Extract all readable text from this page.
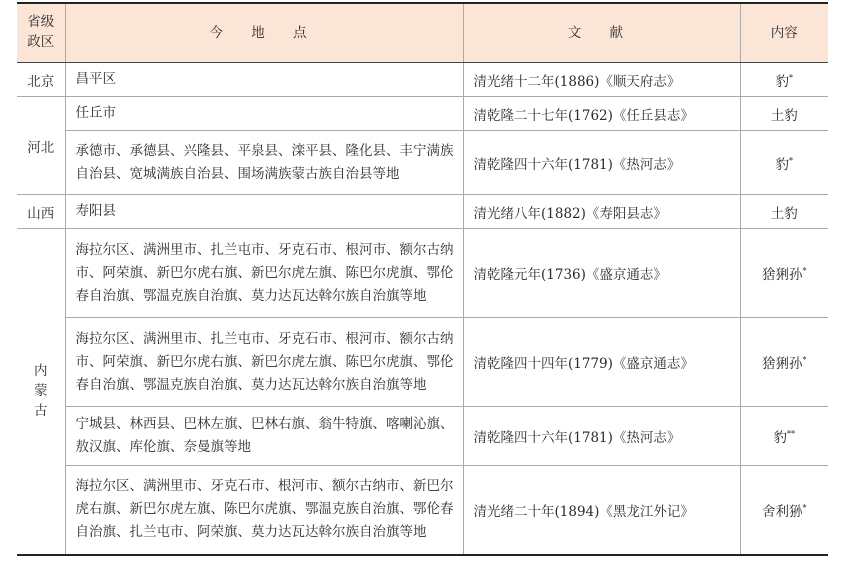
省级政区	今 地 点	文 献	内容
北京	昌平区	清光绪十二年(1886)《顺天府志》	豹*
河北	任丘市	清乾隆二十七年(1762)《任丘县志》	土豹
	承德市、承德县、兴隆县、平泉县、滦平县、隆化县、丰宁满族自治县、宽城满族自治县、围场满族蒙古族自治县等地	清乾隆四十六年(1781)《热河志》	豹*
山西	寿阳县	清光绪八年(1882)《寿阳县志》	土豹
内蒙古	海拉尔区、满洲里市、扎兰屯市、牙克石市、根河市、额尔古纳市、阿荣旗、新巴尔虎右旗、新巴尔虎左旗、陈巴尔虎旗、鄂伦春自治旗、鄂温克族自治旗、莫力达瓦达斡尔族自治旗等地	清乾隆元年(1736)《盛京通志》	猞猁孙*
	海拉尔区、满洲里市、扎兰屯市、牙克石市、根河市、额尔古纳市、阿荣旗、新巴尔虎右旗、新巴尔虎左旗、陈巴尔虎旗、鄂伦春自治旗、鄂温克族自治旗、莫力达瓦达斡尔族自治旗等地	清乾隆四十四年(1779)《盛京通志》	猞猁孙*
	宁城县、林西县、巴林左旗、巴林右旗、翁牛特旗、喀喇沁旗、敖汉旗、库伦旗、奈曼旗等地	清乾隆四十六年(1781)《热河志》	豹**
	海拉尔区、满洲里市、牙克石市、根河市、额尔古纳市、新巴尔虎右旗、新巴尔虎左旗、陈巴尔虎旗、鄂温克族自治旗、鄂伦春自治旗、扎兰屯市、阿荣旗、莫力达瓦达斡尔族自治旗等地	清光绪二十年(1894)《黑龙江外记》	舍利狲*
